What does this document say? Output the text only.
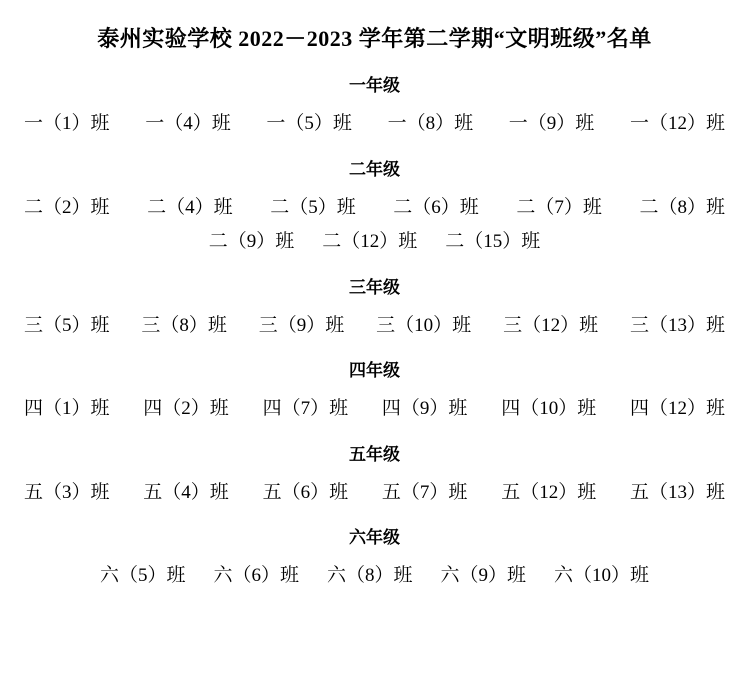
泰州实验学校 2022－2023 学年第二学期“文明班级”名单
一年级
一（1）班 一（4）班 一（5）班 一（8）班 一（9）班 一（12）班
二年级
二（2）班 二（4）班 二（5）班 二（6）班 二（7）班 二（8）班
二（9）班 二（12）班 二（15）班
三年级
三（5）班 三（8）班 三（9）班 三（10）班 三（12）班 三（13）班
四年级
四（1）班 四（2）班 四（7）班 四（9）班 四（10）班 四（12）班
五年级
五（3）班 五（4）班 五（6）班 五（7）班 五（12）班 五（13）班
六年级
六（5）班 六（6）班 六（8）班 六（9）班 六（10）班
